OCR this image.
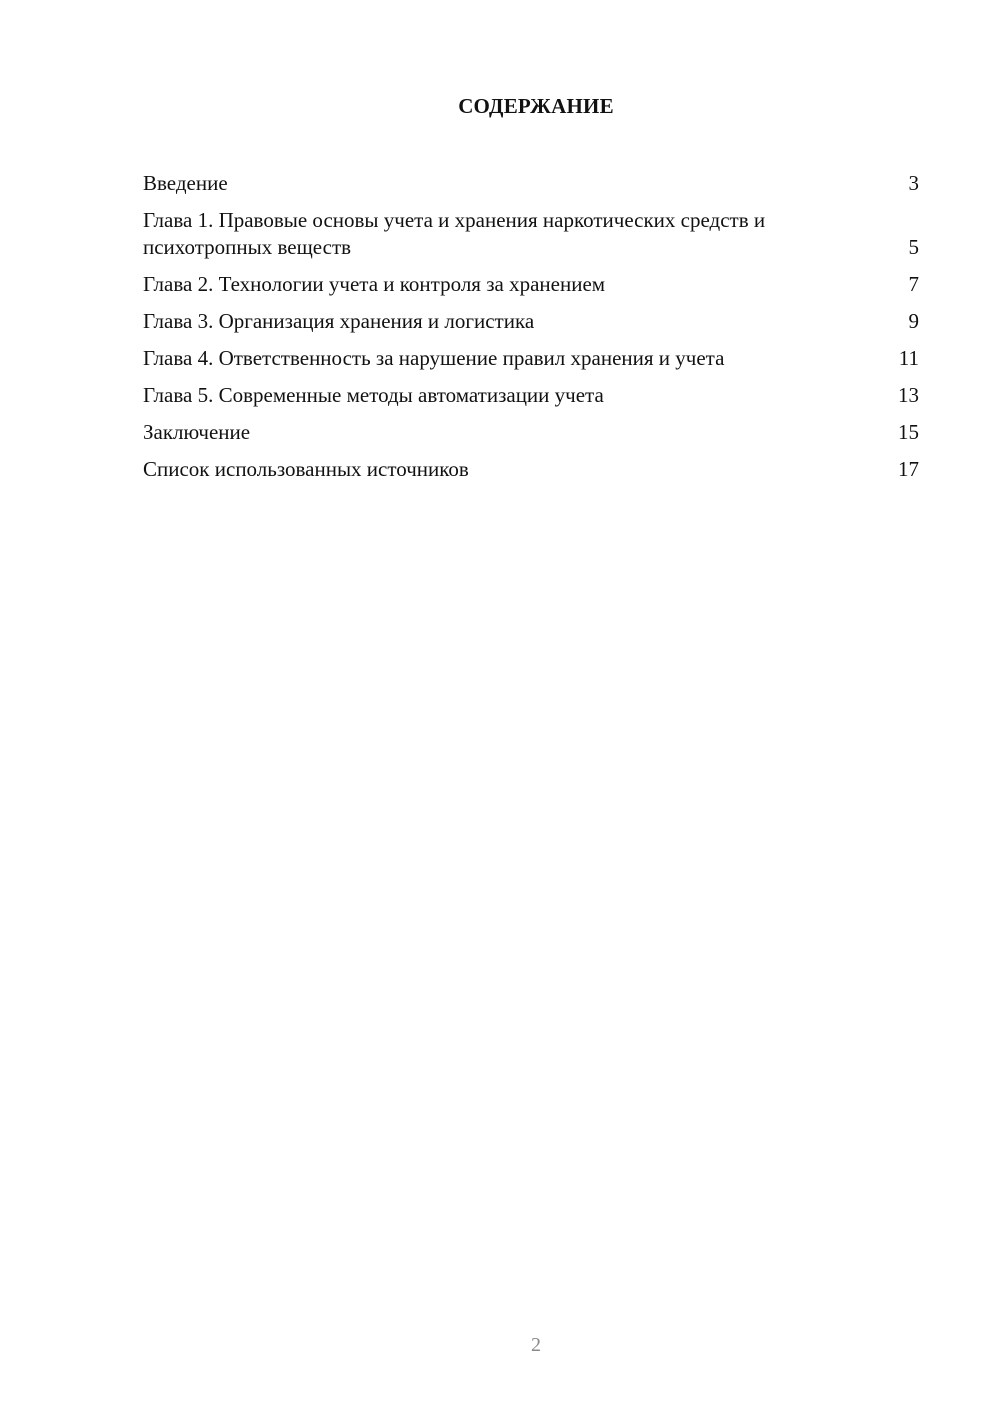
СОДЕРЖАНИЕ
Введение	3
Глава 1. Правовые основы учета и хранения наркотических средств и психотропных веществ	5
Глава 2. Технологии учета и контроля за хранением	7
Глава 3. Организация хранения и логистика	9
Глава 4. Ответственность за нарушение правил хранения и учета	11
Глава 5. Современные методы автоматизации учета	13
Заключение	15
Список использованных источников	17
2
